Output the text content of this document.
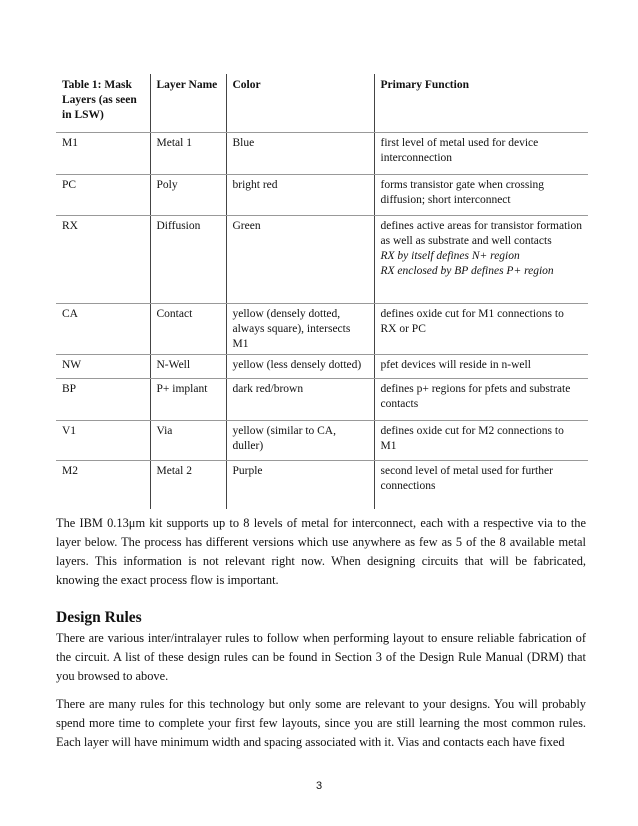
Table 1: Mask Layers (as seen in LSW)	Layer Name	Color	Primary Function
M1	Metal 1	Blue	first level of metal used for device interconnection
PC	Poly	bright red	forms transistor gate when crossing diffusion; short interconnect
RX	Diffusion	Green	defines active areas for transistor formation as well as substrate and well contacts
RX by itself defines N+ region
RX enclosed by BP defines P+ region

CA	Contact	yellow (densely dotted, always square), intersects M1	defines oxide cut for M1 connections to RX or PC
NW	N-Well	yellow (less densely dotted)	pfet devices will reside in n-well
BP	P+ implant	dark red/brown	defines p+ regions for pfets and substrate contacts
V1	Via	yellow (similar to CA, duller)	defines oxide cut for M2 connections to M1
M2	Metal 2	Purple	second level of metal used for further connections

The IBM 0.13μm kit supports up to 8 levels of metal for interconnect, each with a respective via to the layer below. The process has different versions which use anywhere as few as 5 of the 8 available metal layers. This information is not relevant right now. When designing circuits that will be fabricated, knowing the exact process flow is important.

Design Rules

There are various inter/intralayer rules to follow when performing layout to ensure reliable fabrication of the circuit. A list of these design rules can be found in Section 3 of the Design Rule Manual (DRM) that you browsed to above.

There are many rules for this technology but only some are relevant to your designs. You will probably spend more time to complete your first few layouts, since you are still learning the most common rules. Each layer will have minimum width and spacing associated with it. Vias and contacts each have fixed

3
